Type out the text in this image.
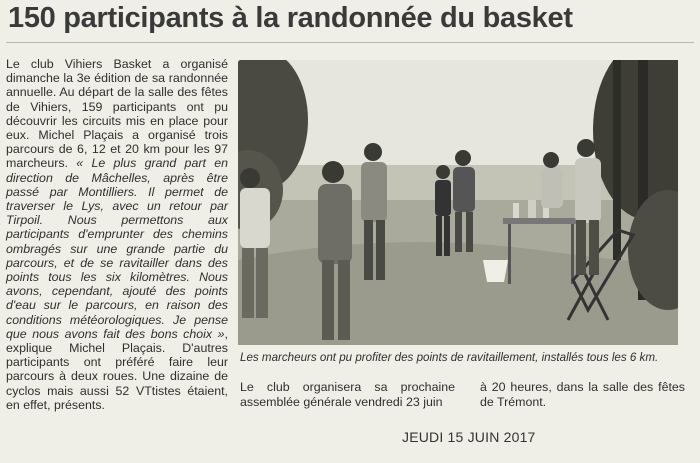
150 participants à la randonnée du basket

Le club Vihiers Basket a organisé dimanche la 3e édition de sa randonnée annuelle. Au départ de la salle des fêtes de Vihiers, 159 participants ont pu découvrir les circuits mis en place pour eux. Michel Plaçais a organisé trois parcours de 6, 12 et 20 km pour les 97 marcheurs. « Le plus grand part en direction de Mâchelles, après être passé par Montilliers. Il permet de traverser le Lys, avec un retour par Tirpoil. Nous permettons aux participants d'emprunter des chemins ombragés sur une grande partie du parcours, et de se ravitailler dans des points tous les six kilomètres. Nous avons, cependant, ajouté des points d'eau sur le parcours, en raison des conditions météorologiques. Je pense que nous avons fait des bons choix », explique Michel Plaçais. D'autres participants ont préféré faire leur parcours à deux roues. Une dizaine de cyclos mais aussi 52 VTtistes étaient, en effet, présents.

Les marcheurs ont pu profiter des points de ravitaillement, installés tous les 6 km.
Le club organisera sa prochaine assemblée générale vendredi 23 juin
à 20 heures, dans la salle des fêtes de Trémont.
JEUDI 15 JUIN 2017
